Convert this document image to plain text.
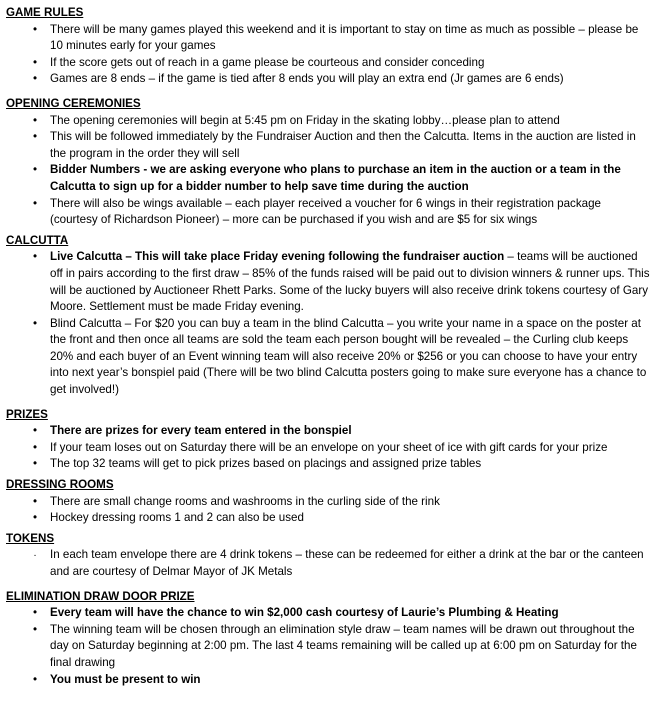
GAME RULES
•	There will be many games played this weekend and it is important to stay on time as much as possible – please be 10 minutes early for your games
•	If the score gets out of reach in a game please be courteous and consider conceding
•	Games are 8 ends – if the game is tied after 8 ends you will play an extra end (Jr games are 6 ends)
OPENING CEREMONIES
•	The opening ceremonies will begin at 5:45 pm on Friday in the skating lobby…please plan to attend
•	This will be followed immediately by the Fundraiser Auction and then the Calcutta. Items in the auction are listed in the program in the order they will sell
•	Bidder Numbers - we are asking everyone who plans to purchase an item in the auction or a team in the Calcutta to sign up for a bidder number to help save time during the auction
•	There will also be wings available – each player received a voucher for 6 wings in their registration package (courtesy of Richardson Pioneer) – more can be purchased if you wish and are $5 for six wings
CALCUTTA
•	Live Calcutta – This will take place Friday evening following the fundraiser auction – teams will be auctioned off in pairs according to the first draw – 85% of the funds raised will be paid out to division winners & runner ups. This will be auctioned by Auctioneer Rhett Parks. Some of the lucky buyers will also receive drink tokens courtesy of Gary Moore. Settlement must be made Friday evening.
•	Blind Calcutta – For $20 you can buy a team in the blind Calcutta – you write your name in a space on the poster at the front and then once all teams are sold the team each person bought will be revealed – the Curling club keeps 20% and each buyer of an Event winning team will also receive 20% or $256 or you can choose to have your entry into next year’s bonspiel paid (There will be two blind Calcutta posters going to make sure everyone has a chance to get involved!)
PRIZES
•	There are prizes for every team entered in the bonspiel
•	If your team loses out on Saturday there will be an envelope on your sheet of ice with gift cards for your prize
•	The top 32 teams will get to pick prizes based on placings and assigned prize tables
DRESSING ROOMS
•	There are small change rooms and washrooms in the curling side of the rink
•	Hockey dressing rooms 1 and 2 can also be used
TOKENS
.	In each team envelope there are 4 drink tokens – these can be redeemed for either a drink at the bar or the canteen and are courtesy of Delmar Mayor of JK Metals
ELIMINATION DRAW DOOR PRIZE
•	Every team will have the chance to win $2,000 cash courtesy of Laurie’s Plumbing & Heating
•	The winning team will be chosen through an elimination style draw – team names will be drawn out throughout the day on Saturday beginning at 2:00 pm. The last 4 teams remaining will be called up at 6:00 pm on Saturday for the final drawing
•	You must be present to win
